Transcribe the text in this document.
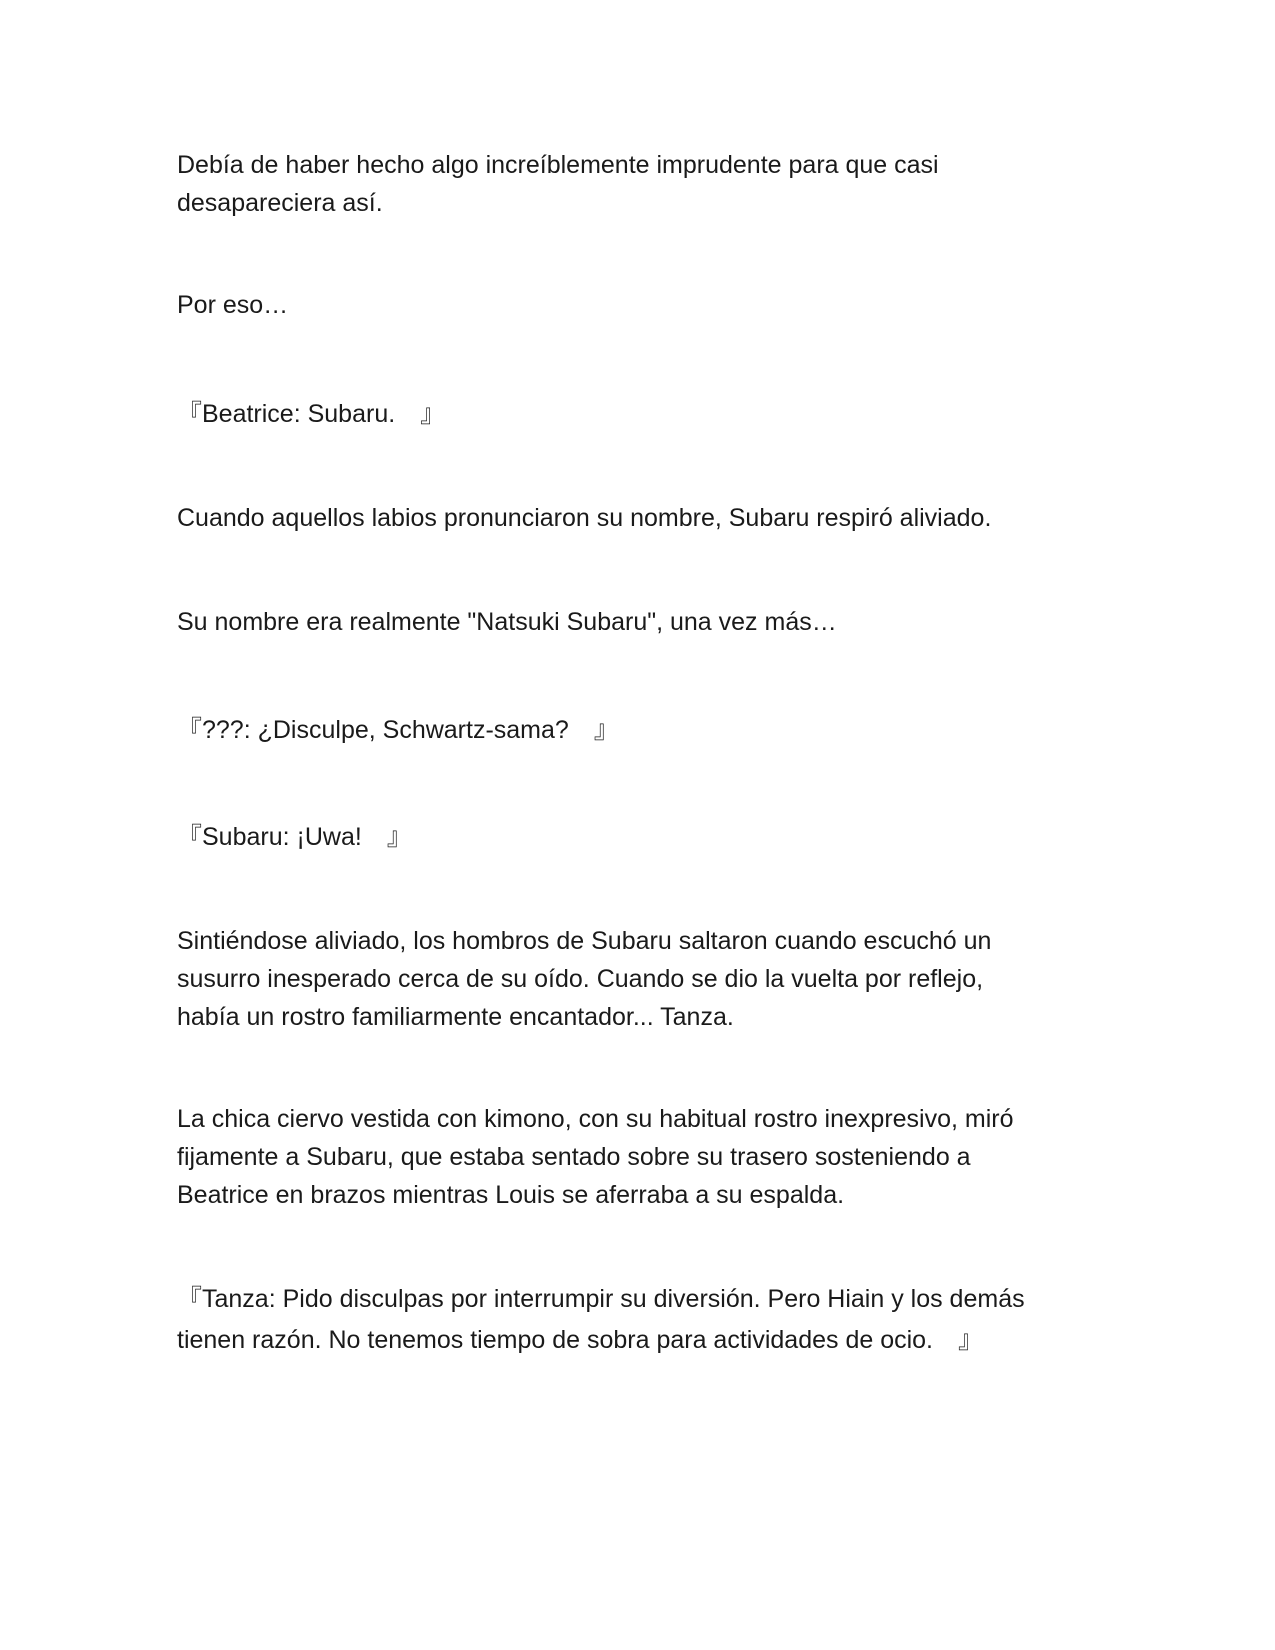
Debía de haber hecho algo increíblemente imprudente para que casi
desapareciera así.

Por eso…

『Beatrice: Subaru.　』

Cuando aquellos labios pronunciaron su nombre, Subaru respiró aliviado.

Su nombre era realmente "Natsuki Subaru", una vez más…

『???: ¿Disculpe, Schwartz-sama?　』

『Subaru: ¡Uwa!　』

Sintiéndose aliviado, los hombros de Subaru saltaron cuando escuchó un
susurro inesperado cerca de su oído. Cuando se dio la vuelta por reflejo,
había un rostro familiarmente encantador... Tanza.

La chica ciervo vestida con kimono, con su habitual rostro inexpresivo, miró
fijamente a Subaru, que estaba sentado sobre su trasero sosteniendo a
Beatrice en brazos mientras Louis se aferraba a su espalda.

『Tanza: Pido disculpas por interrumpir su diversión. Pero Hiain y los demás
tienen razón. No tenemos tiempo de sobra para actividades de ocio.　』
